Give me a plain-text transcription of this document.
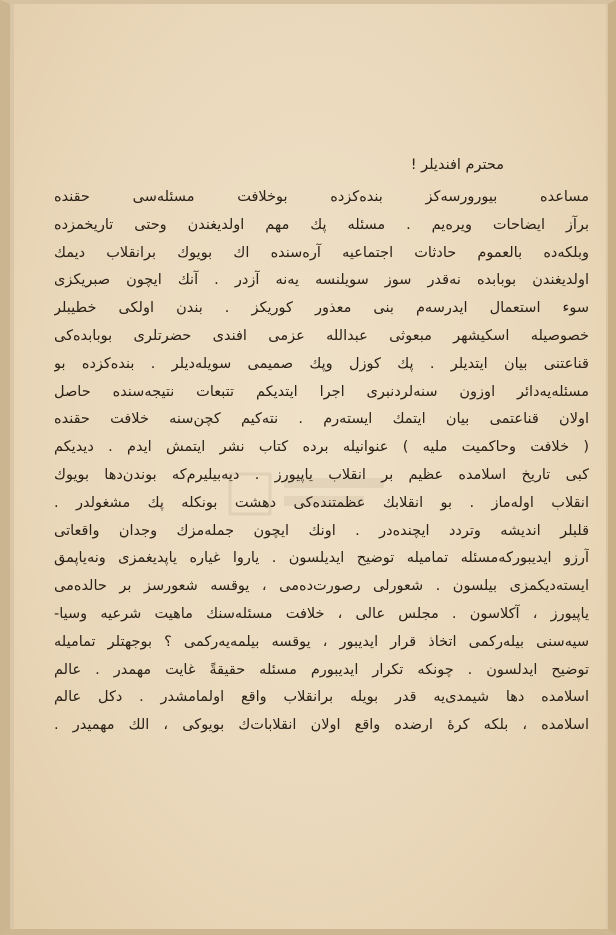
محترم افندیلر !
مساعده بیورورسه‌کز بنده‌کزده بوخلافت مسئله‌سی حقنده
برآز ایضاحات ویره‌یم . مسئله پك مهم اولدیغندن وحتی تاریخمزده
وبلکه‌ده بالعموم حادثات اجتماعیه آره‌سنده اك بویوك برانقلاب دیمك
اولدیغندن بوبابده نه‌قدر سوز سویلنسه یه‌نه آزدر . آنك ایچون صبریکزی
سوء استعمال ایدرسه‌م بنی معذور کوریکز . بندن اولکی خطیبلر
خصوصیله اسکیشهر مبعوثی عبدالله عزمی افندی حضرتلری بوبابده‌کی
قناعتنی بیان ایتدیلر . پك کوزل وپك صمیمی سویله‌دیلر . بنده‌کزده بو
مسئله‌یه‌دائر اوزون سنه‌لردنبری اجرا ایتدیکم تتبعات نتیجه‌سنده حاصل
اولان قناعتمی بیان ایتمك ایسته‌رم . نته‌کیم کچن‌سنه خلافت حقنده
( خلافت وحاکمیت ملیه ) عنوانیله برده کتاب نشر ایتمش ایدم . دیدیکم
کبی تاریخ اسلامده عظیم بر انقلاب یاپیورز . دیه‌بیلیرم‌که بوندن‌دها بویوك
انقلاب اوله‌ماز . بو انقلابك عظمتنده‌کی دهشت بونکله پك مشغولدر .
قلبلر اندیشه وتردد ایچنده‌در . اونك ایچون جمله‌مزك وجدان واقعاتی
آرزو ایدیبورکه‌مسئله تمامیله توضیح ایدیلسون . یاروا غیاره یاپدیغمزی ونه‌یاپمق
ایسته‌دیکمزی بیلسون . شعورلی رصورت‌ده‌می ، یوقسه شعورسز بر حالده‌می
یاپیورز ، آکلاسون . مجلس عالی ، خلافت مسئله‌سنك ماهیت شرعیه وسیا-
سیه‌سنی بیله‌رکمی اتخاذ قرار ایدیبور ، یوقسه بیلمه‌یه‌رکمی ؟ بوجهتلر تمامیله
توضیح ایدلسون . چونکه تکرار ایدیبورم مسئله حقیقةً غایت مهمدر . عالم
اسلامده دها شیمدی‌یه قدر بویله برانقلاب واقع اولمامشدر . دکل عالم
اسلامده ، بلکه کرهٔ ارضده واقع اولان انقلابات‌ك بویوکی ، الك مهمیدر .
